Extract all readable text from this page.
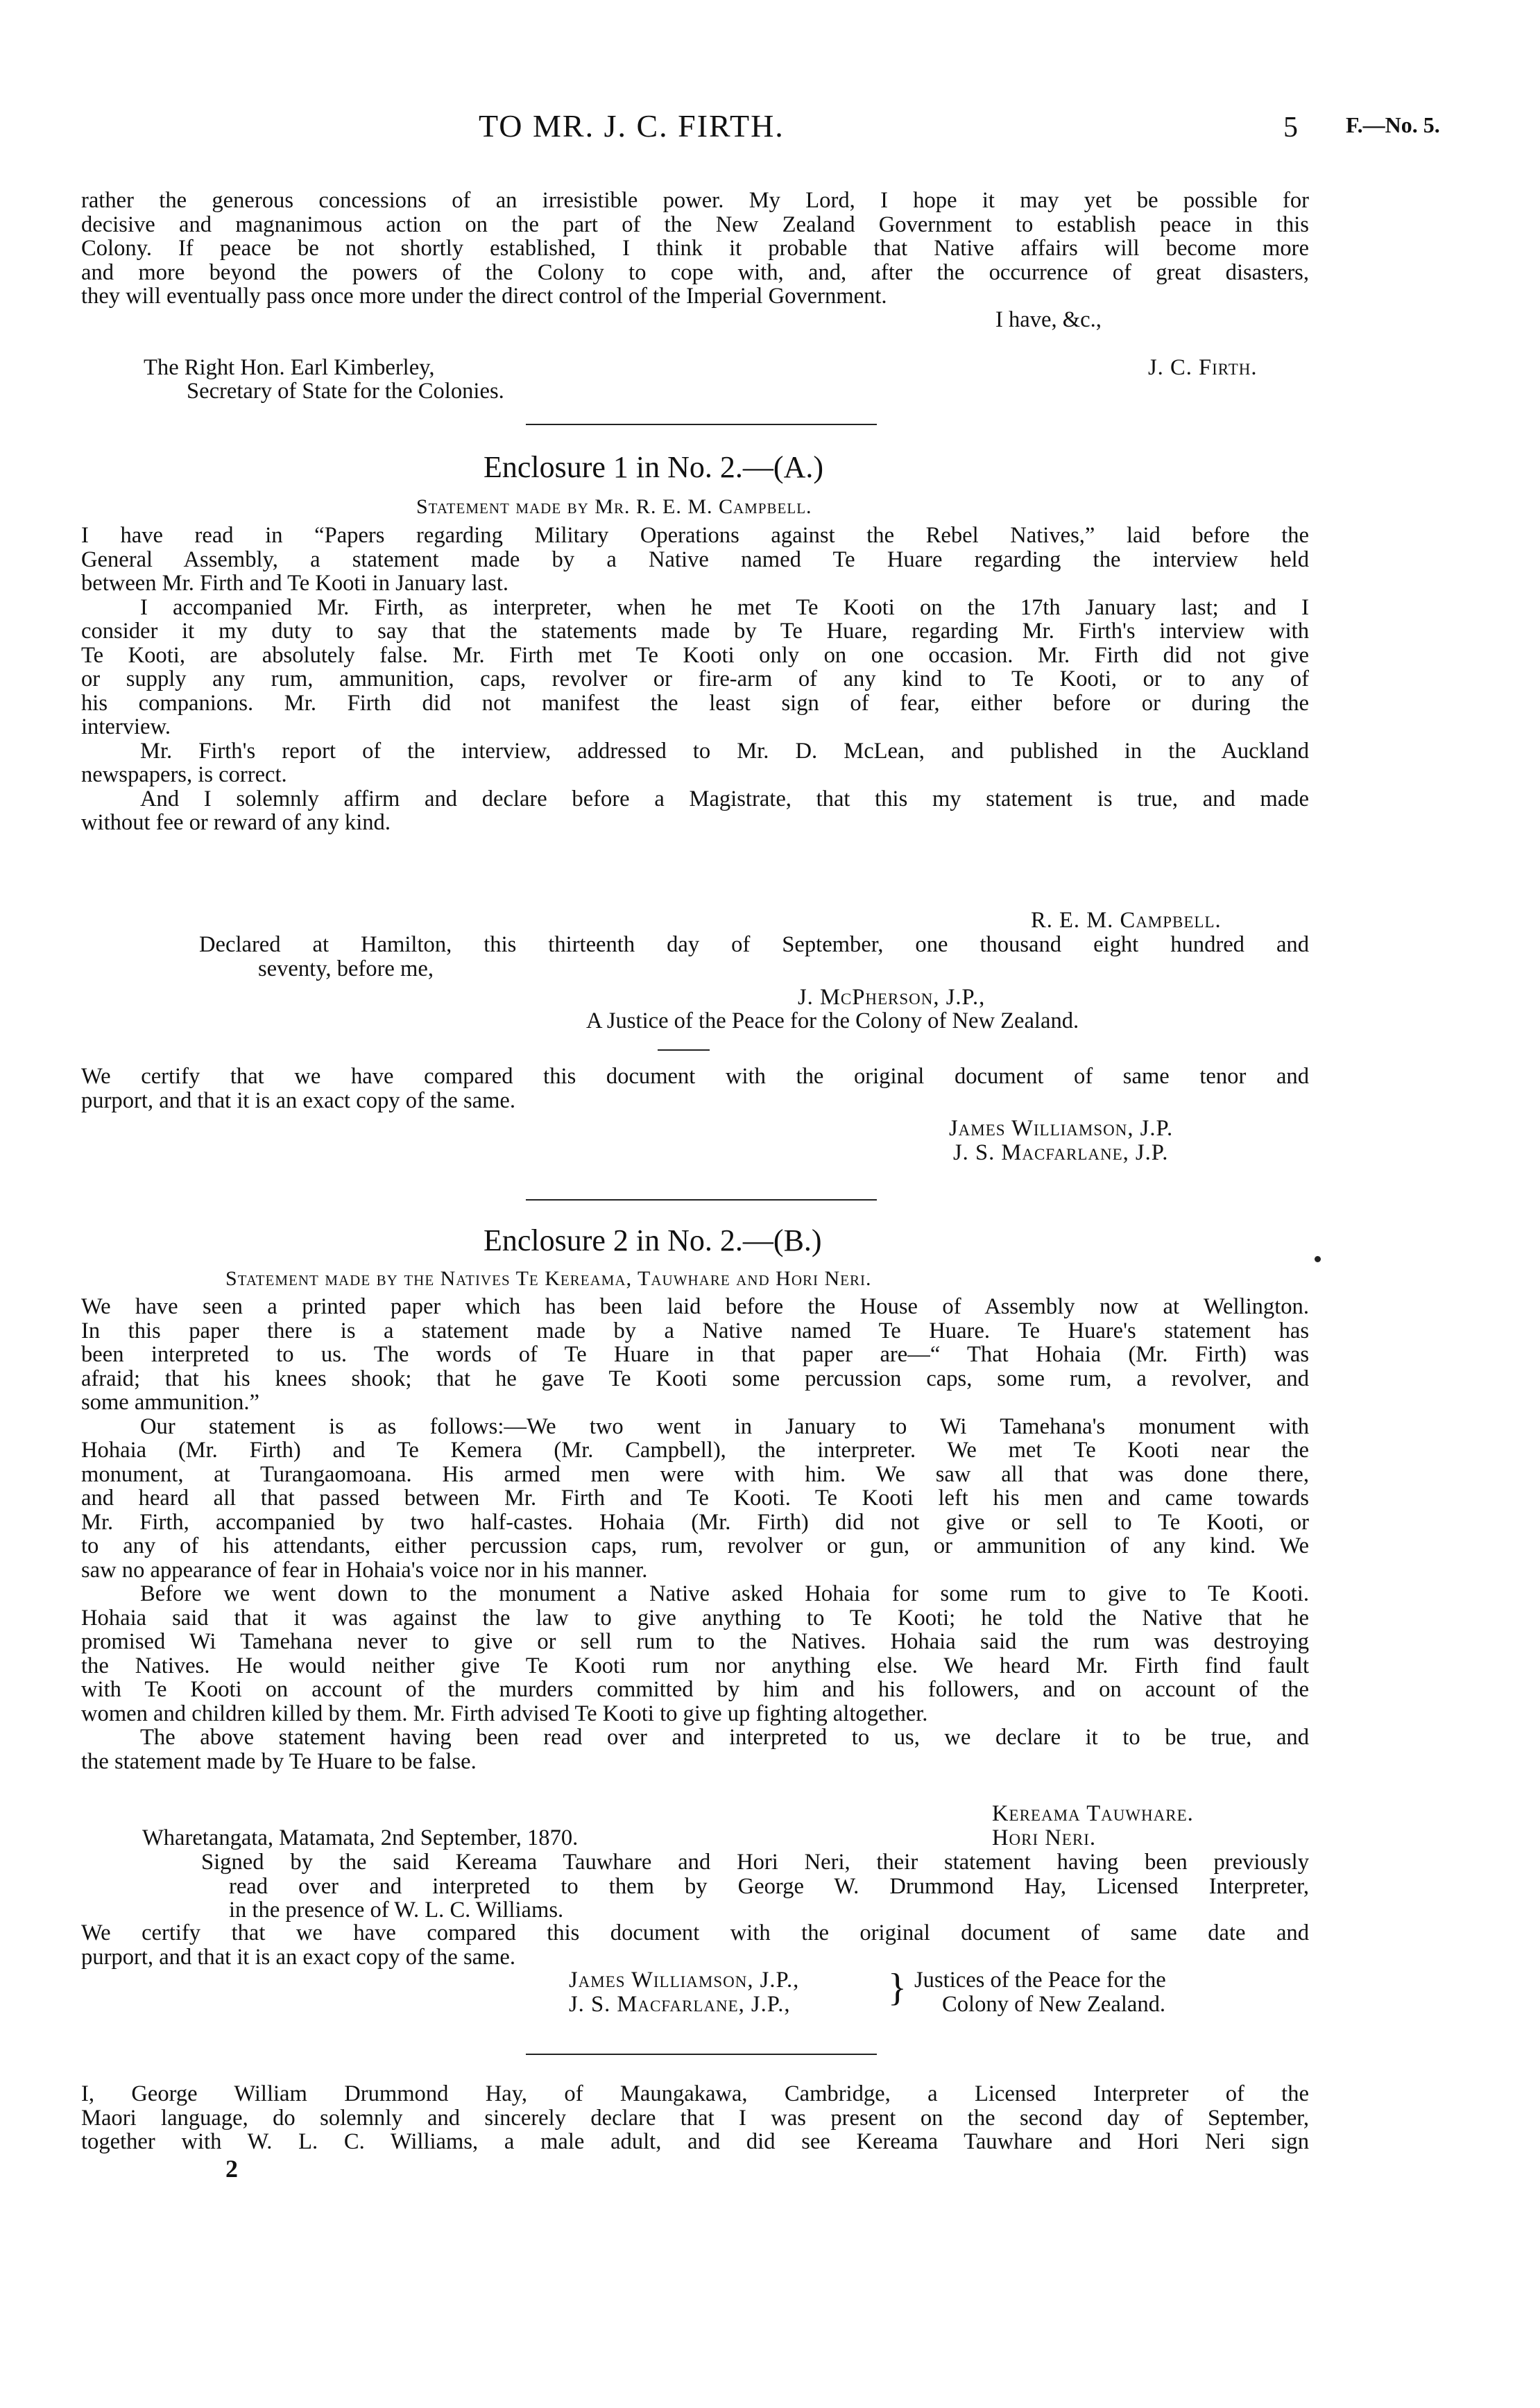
TO MR. J. C. FIRTH.	5 F.—No. 5.
rather the generous concessions of an irresistible power. My Lord, I hope it may yet be possible for
decisive and magnanimous action on the part of the New Zealand Government to establish peace in this
Colony. If peace be not shortly established, I think it probable that Native affairs will become more
and more beyond the powers of the Colony to cope with, and, after the occurrence of great disasters,
they will eventually pass once more under the direct control of the Imperial Government.
I have, &c.,
The Right Hon. Earl Kimberley,
Secretary of State for the Colonies.
J. C. Firth.
Enclosure 1 in No. 2.—(A.)
Statement made by Mr. R. E. M. Campbell.
I have read in “Papers regarding Military Operations against the Rebel Natives,” laid before the
General Assembly, a statement made by a Native named Te Huare regarding the interview held
between Mr. Firth and Te Kooti in January last.
I accompanied Mr. Firth, as interpreter, when he met Te Kooti on the 17th January last; and I
consider it my duty to say that the statements made by Te Huare, regarding Mr. Firth's interview with
Te Kooti, are absolutely false. Mr. Firth met Te Kooti only on one occasion. Mr. Firth did not give
or supply any rum, ammunition, caps, revolver or fire-arm of any kind to Te Kooti, or to any of
his companions. Mr. Firth did not manifest the least sign of fear, either before or during the
interview.
Mr. Firth's report of the interview, addressed to Mr. D. McLean, and published in the Auckland
newspapers, is correct.
And I solemnly affirm and declare before a Magistrate, that this my statement is true, and made
without fee or reward of any kind.
R. E. M. Campbell.
Declared at Hamilton, this thirteenth day of September, one thousand eight hundred and
seventy, before me,
J. McPherson, J.P.,
A Justice of the Peace for the Colony of New Zealand.
We certify that we have compared this document with the original document of same tenor and
purport, and that it is an exact copy of the same.
James Williamson, J.P.
J. S. Macfarlane, J.P.
Enclosure 2 in No. 2.—(B.)
Statement made by the Natives Te Kereama, Tauwhare and Hori Neri.
We have seen a printed paper which has been laid before the House of Assembly now at Wellington.
In this paper there is a statement made by a Native named Te Huare. Te Huare's statement has
been interpreted to us. The words of Te Huare in that paper are—“ That Hohaia (Mr. Firth) was
afraid; that his knees shook; that he gave Te Kooti some percussion caps, some rum, a revolver, and
some ammunition.”
Our statement is as follows:—We two went in January to Wi Tamehana's monument with
Hohaia (Mr. Firth) and Te Kemera (Mr. Campbell), the interpreter. We met Te Kooti near the
monument, at Turangaomoana. His armed men were with him. We saw all that was done there,
and heard all that passed between Mr. Firth and Te Kooti. Te Kooti left his men and came towards
Mr. Firth, accompanied by two half-castes. Hohaia (Mr. Firth) did not give or sell to Te Kooti, or
to any of his attendants, either percussion caps, rum, revolver or gun, or ammunition of any kind. We
saw no appearance of fear in Hohaia's voice nor in his manner.
Before we went down to the monument a Native asked Hohaia for some rum to give to Te Kooti.
Hohaia said that it was against the law to give anything to Te Kooti; he told the Native that he
promised Wi Tamehana never to give or sell rum to the Natives. Hohaia said the rum was destroying
the Natives. He would neither give Te Kooti rum nor anything else. We heard Mr. Firth find fault
with Te Kooti on account of the murders committed by him and his followers, and on account of the
women and children killed by them. Mr. Firth advised Te Kooti to give up fighting altogether.
The above statement having been read over and interpreted to us, we declare it to be true, and
the statement made by Te Huare to be false.
Kereama Tauwhare.
Wharetangata, Matamata, 2nd September, 1870.	Hori Neri.
Signed by the said Kereama Tauwhare and Hori Neri, their statement having been previously
read over and interpreted to them by George W. Drummond Hay, Licensed Interpreter,
in the presence of W. L. C. Williams.
We certify that we have compared this document with the original document of same date and
purport, and that it is an exact copy of the same.
James Williamson, J.P.,
J. S. Macfarlane, J.P.,	} Justices of the Peace for the
Colony of New Zealand.
I, George William Drummond Hay, of Maungakawa, Cambridge, a Licensed Interpreter of the
Maori language, do solemnly and sincerely declare that I was present on the second day of September,
together with W. L. C. Williams, a male adult, and did see Kereama Tauwhare and Hori Neri sign
2
